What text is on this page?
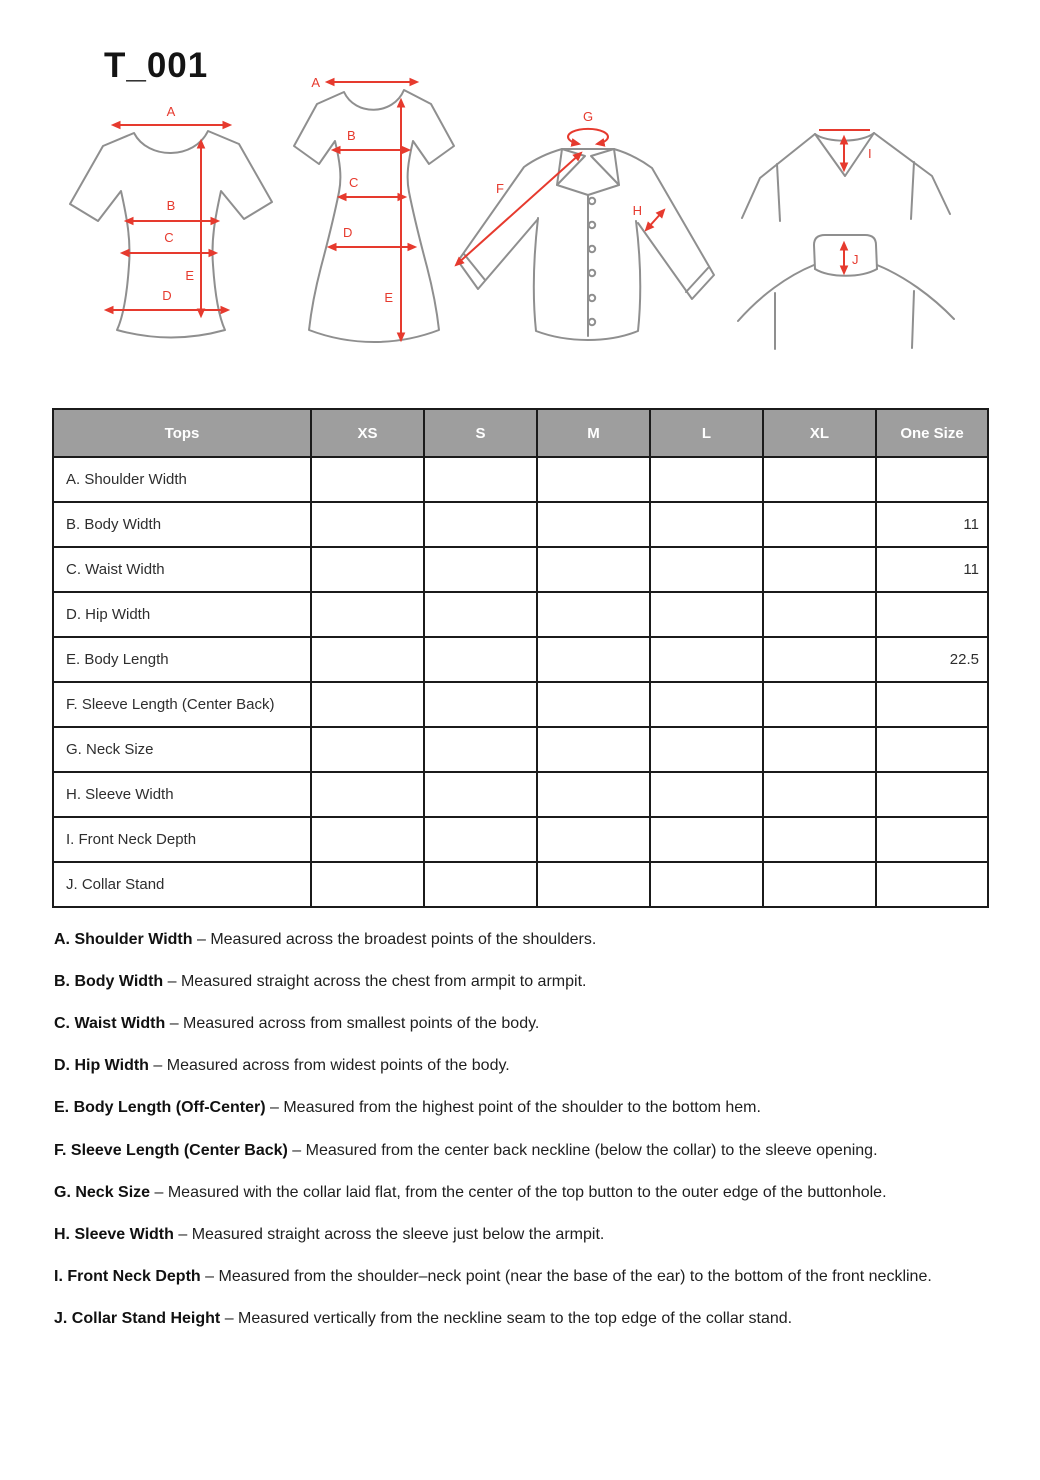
T_001
A
B
C
D
E
A
B
C
D
E
G
F
H
I
J
Tops	XS	S	M	L	XL	One Size
A. Shoulder Width						
B. Body Width						11
C. Waist Width						11
D. Hip Width						
E. Body Length						22.5
F. Sleeve Length (Center Back)						
G. Neck Size						
H. Sleeve Width						
I. Front Neck Depth						
J. Collar Stand						

A. Shoulder Width – Measured across the broadest points of the shoulders.

B. Body Width – Measured straight across the chest from armpit to armpit.

C. Waist Width – Measured across from smallest points of the body.

D. Hip Width – Measured across from widest points of the body.

E. Body Length (Off-Center) – Measured from the highest point of the shoulder to the bottom hem.

F. Sleeve Length (Center Back) – Measured from the center back neckline (below the collar) to the sleeve opening.

G. Neck Size – Measured with the collar laid flat, from the center of the top button to the outer edge of the buttonhole.

H. Sleeve Width – Measured straight across the sleeve just below the armpit.

I. Front Neck Depth – Measured from the shoulder–neck point (near the base of the ear) to the bottom of the front neckline.

J. Collar Stand Height – Measured vertically from the neckline seam to the top edge of the collar stand.
